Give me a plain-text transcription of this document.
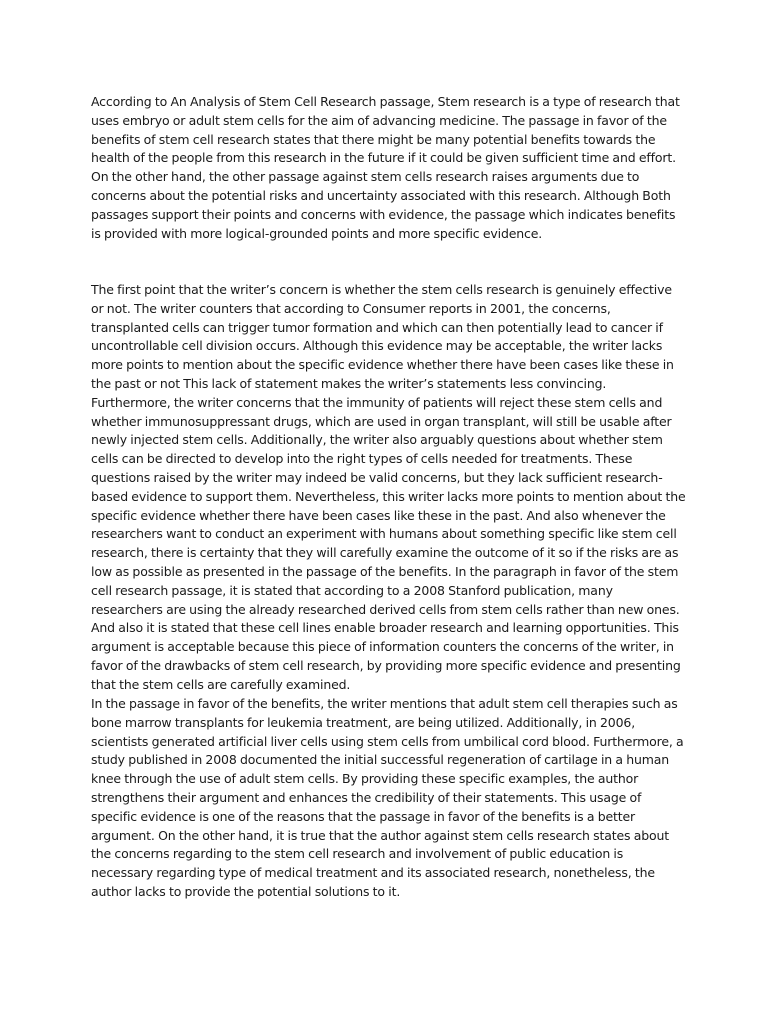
According to An Analysis of Stem Cell Research passage, Stem research is a type of research that uses embryo or adult stem cells for the aim of advancing medicine. The passage in favor of the benefits of stem cell research states that there might be many potential benefits towards the health of the people from this research in the future if it could be given sufficient time and effort. On the other hand, the other passage against stem cells research raises arguments due to concerns about the potential risks and uncertainty associated with this research. Although Both passages support their points and concerns with evidence, the passage which indicates benefits is provided with more logical-grounded points and more specific evidence.

The first point that the writer’s concern is whether the stem cells research is genuinely effective or not. The writer counters that according to Consumer reports in 2001, the concerns, transplanted cells can trigger tumor formation and which can then potentially lead to cancer if uncontrollable cell division occurs. Although this evidence may be acceptable, the writer lacks more points to mention about the specific evidence whether there have been cases like these in the past or not This lack of statement makes the writer’s statements less convincing. Furthermore, the writer concerns that the immunity of patients will reject these stem cells and whether immunosuppressant drugs, which are used in organ transplant, will still be usable after newly injected stem cells. Additionally, the writer also arguably questions about whether stem cells can be directed to develop into the right types of cells needed for treatments. These questions raised by the writer may indeed be valid concerns, but they lack sufficient research-based evidence to support them. Nevertheless, this writer lacks more points to mention about the specific evidence whether there have been cases like these in the past. And also whenever the researchers want to conduct an experiment with humans about something specific like stem cell research, there is certainty that they will carefully examine the outcome of it so if the risks are as low as possible as presented in the passage of the benefits. In the paragraph in favor of the stem cell research passage, it is stated that according to a 2008 Stanford publication, many researchers are using the already researched derived cells from stem cells rather than new ones. And also it is stated that these cell lines enable broader research and learning opportunities. This argument is acceptable because this piece of information counters the concerns of the writer, in favor of the drawbacks of stem cell research, by providing more specific evidence and presenting that the stem cells are carefully examined.

In the passage in favor of the benefits, the writer mentions that adult stem cell therapies such as bone marrow transplants for leukemia treatment, are being utilized. Additionally, in 2006, scientists generated artificial liver cells using stem cells from umbilical cord blood. Furthermore, a study published in 2008 documented the initial successful regeneration of cartilage in a human knee through the use of adult stem cells. By providing these specific examples, the author strengthens their argument and enhances the credibility of their statements. This usage of specific evidence is one of the reasons that the passage in favor of the benefits is a better argument. On the other hand, it is true that the author against stem cells research states about the concerns regarding to the stem cell research and involvement of public education is necessary regarding type of medical treatment and its associated research, nonetheless, the author lacks to provide the potential solutions to it.
